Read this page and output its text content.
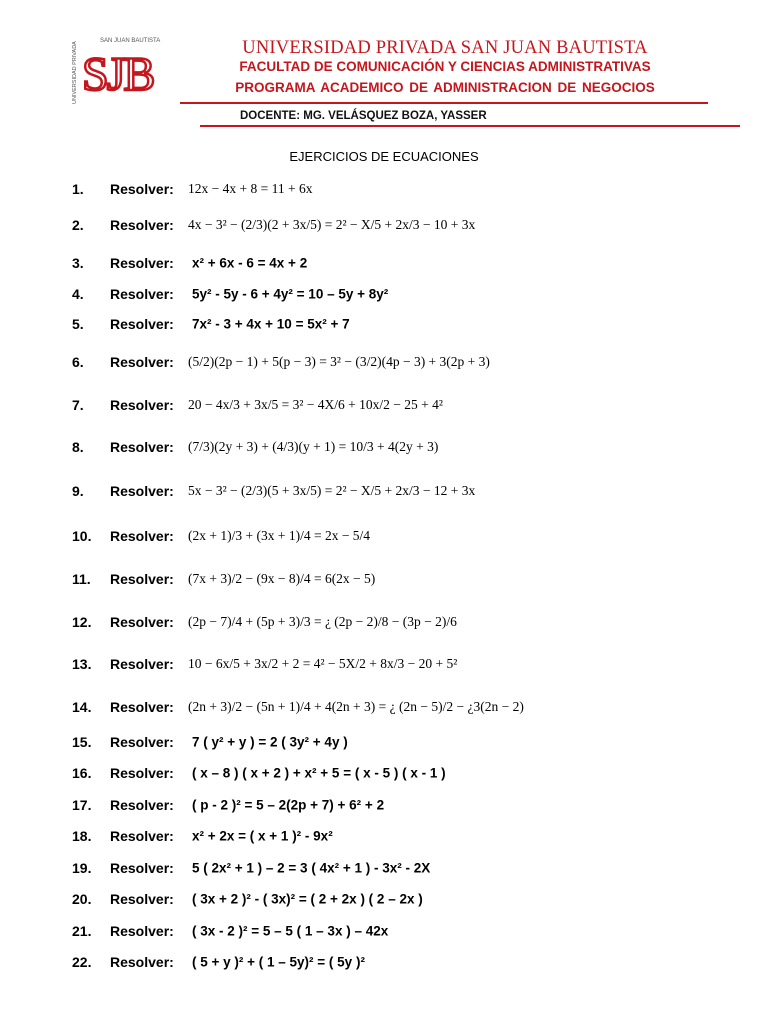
UNIVERSIDAD PRIVADA
SAN JUAN BAUTISTA
SJB	UNIVERSIDAD PRIVADA SAN JUAN BAUTISTA
FACULTAD DE COMUNICACIÓN Y CIENCIAS ADMINISTRATIVAS
PROGRAMA ACADEMICO DE ADMINISTRACION DE NEGOCIOS
DOCENTE: MG. VELÁSQUEZ BOZA, YASSER
EJERCICIOS DE ECUACIONES
1. Resolver: 12x − 4x + 8 = 11 + 6x
2. Resolver: 4x − 3² − (2/3)(2 + 3x/5) = 2² − X/5 + 2x/3 − 10 + 3x
3. Resolver: x² + 6x - 6 = 4x + 2
4. Resolver: 5y² - 5y - 6 + 4y² = 10 – 5y + 8y²
5. Resolver: 7x² - 3 + 4x + 10 = 5x² + 7
6. Resolver: (5/2)(2p − 1) + 5(p − 3) = 3² − (3/2)(4p − 3) + 3(2p + 3)
7. Resolver: 20 − 4x/3 + 3x/5 = 3² − 4X/6 + 10x/2 − 25 + 4²
8. Resolver: (7/3)(2y + 3) + (4/3)(y + 1) = 10/3 + 4(2y + 3)
9. Resolver: 5x − 3² − (2/3)(5 + 3x/5) = 2² − X/5 + 2x/3 − 12 + 3x
10. Resolver: (2x + 1)/3 + (3x + 1)/4 = 2x − 5/4
11. Resolver: (7x + 3)/2 − (9x − 8)/4 = 6(2x − 5)
12. Resolver: (2p − 7)/4 + (5p + 3)/3 = ¿ (2p − 2)/8 − (3p − 2)/6
13. Resolver: 10 − 6x/5 + 3x/2 + 2 = 4² − 5X/2 + 8x/3 − 20 + 5²
14. Resolver: (2n + 3)/2 − (5n + 1)/4 + 4(2n + 3) = ¿ (2n − 5)/2 − ¿3(2n − 2)
15. Resolver: 7 ( y² + y ) = 2 ( 3y² + 4y )
16. Resolver: ( x – 8 ) ( x + 2 ) + x² + 5 = ( x - 5 ) ( x - 1 )
17. Resolver: ( p - 2 )² = 5 – 2(2p + 7) + 6² + 2
18. Resolver: x² + 2x = ( x + 1 )² - 9x²
19. Resolver: 5 ( 2x² + 1 ) – 2 = 3 ( 4x² + 1 ) - 3x² - 2X
20. Resolver: ( 3x + 2 )² - ( 3x)² = ( 2 + 2x ) ( 2 – 2x )
21. Resolver: ( 3x - 2 )² = 5 – 5 ( 1 – 3x ) – 42x
22. Resolver: ( 5 + y )² + ( 1 – 5y)² = ( 5y )²
